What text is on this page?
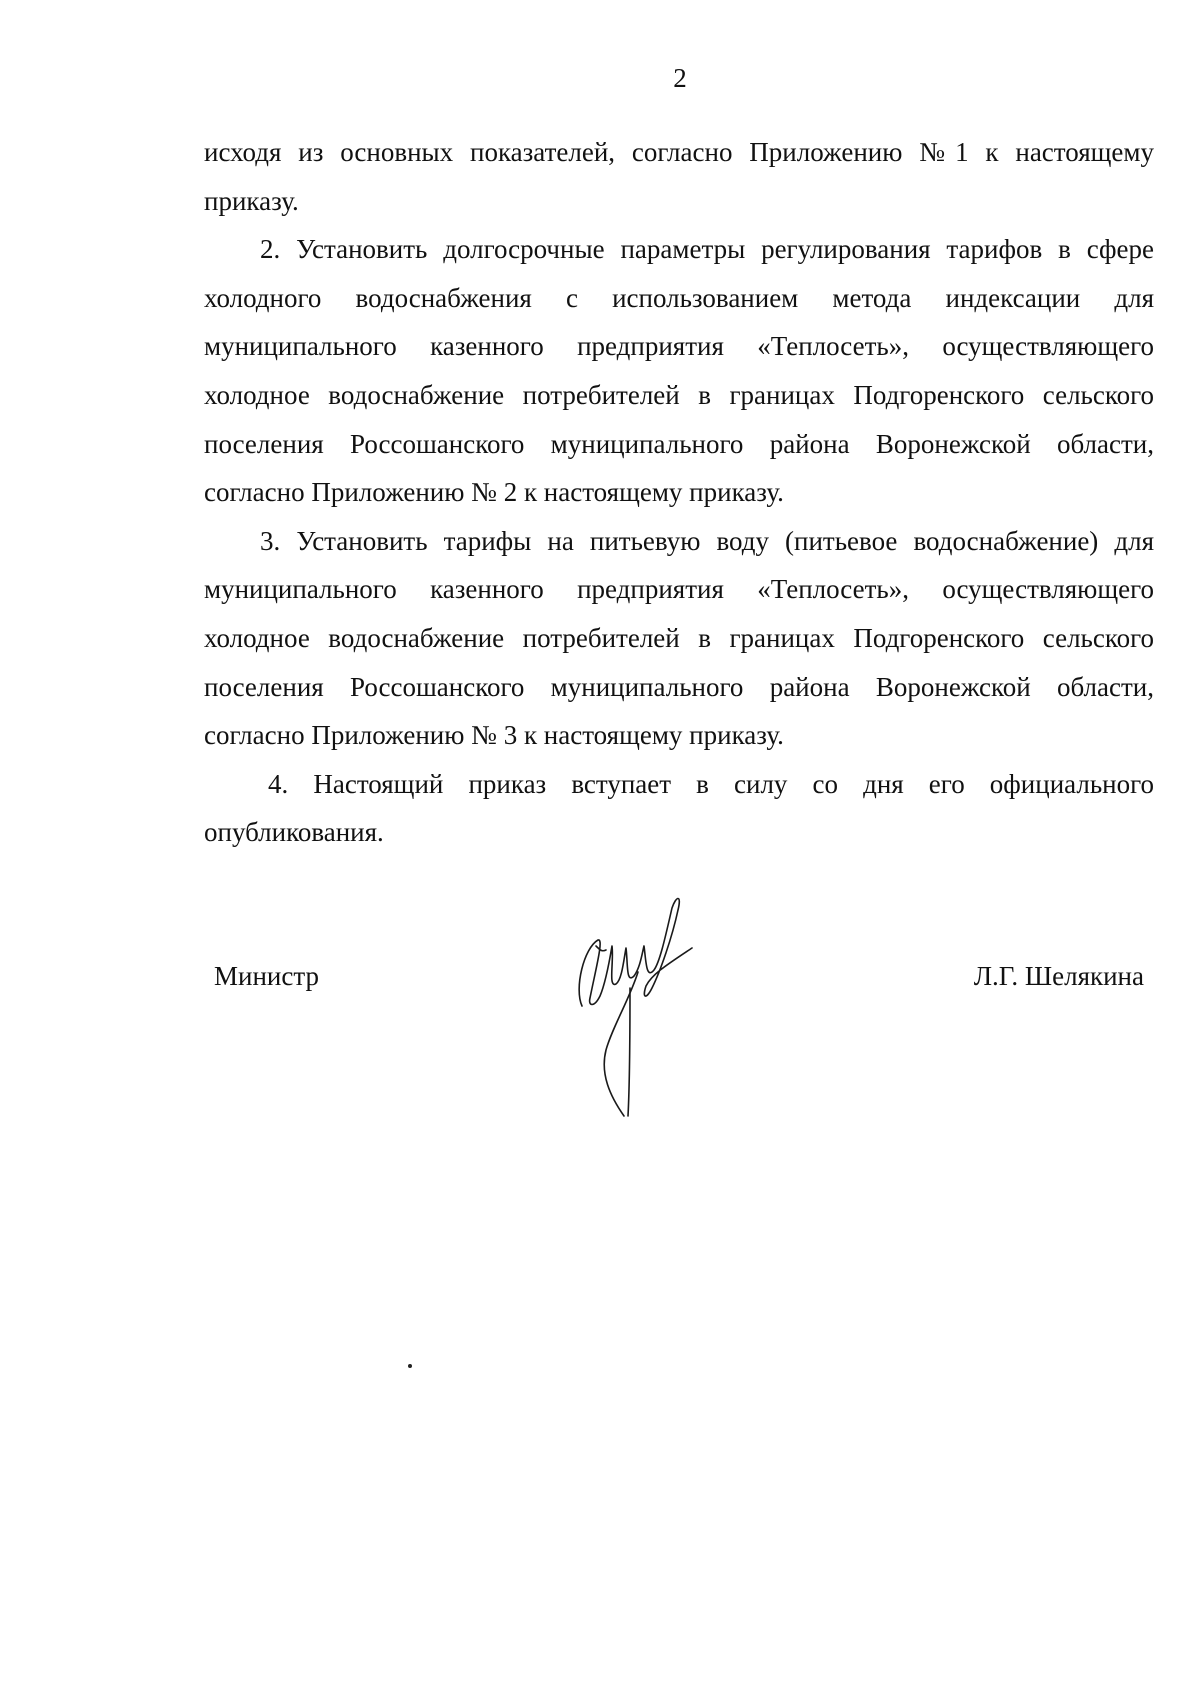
2

исходя из основных показателей, согласно Приложению №1 к настоящему приказу.

2. Установить долгосрочные параметры регулирования тарифов в сфере холодного водоснабжения с использованием метода индексации для муниципального казенного предприятия «Теплосеть», осуществляющего холодное водоснабжение потребителей в границах Подгоренского сельского поселения Россошанского муниципального района Воронежской области, согласно Приложению № 2 к настоящему приказу.

3. Установить тарифы на питьевую воду (питьевое водоснабжение) для муниципального казенного предприятия «Теплосеть», осуществляющего холодное водоснабжение потребителей в границах Подгоренского сельского поселения Россошанского муниципального района Воронежской области, согласно Приложению № 3 к настоящему приказу.

4. Настоящий приказ вступает в силу со дня его официального опубликования.

Министр	Л.Г. Шелякина
